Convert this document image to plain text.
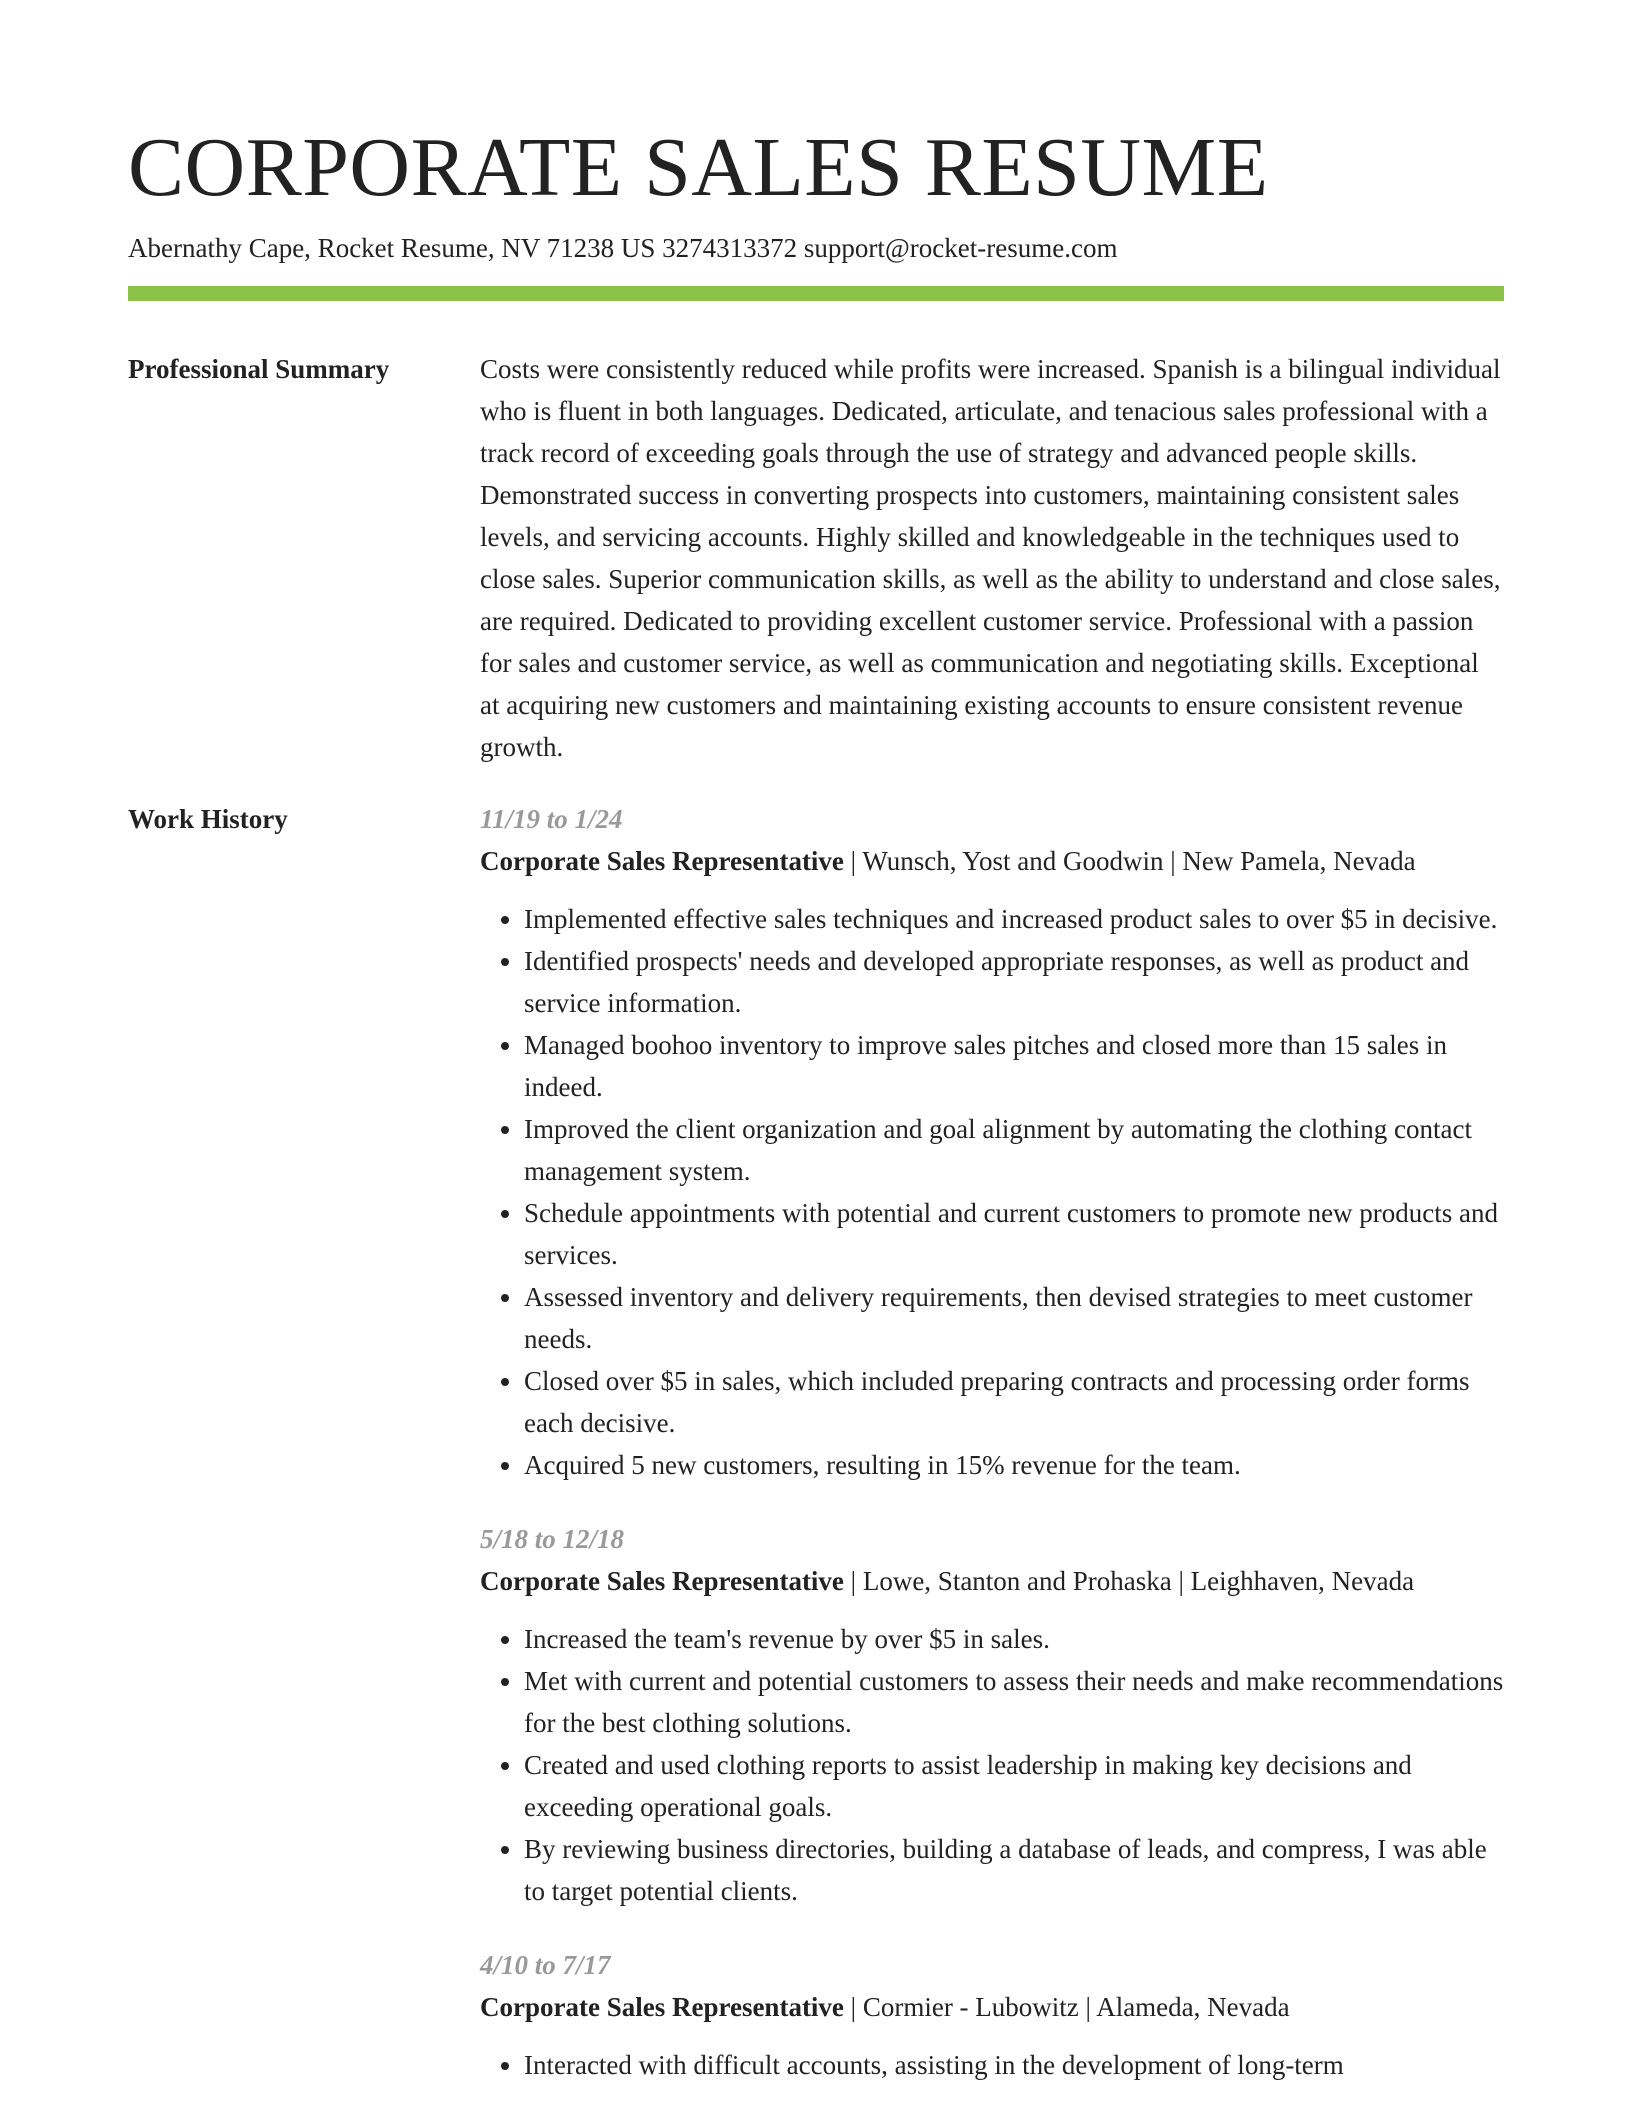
CORPORATE SALES RESUME
Abernathy Cape, Rocket Resume, NV 71238 US 3274313372 support@rocket-resume.com
Professional Summary	Costs were consistently reduced while profits were increased. Spanish is a bilingual individual who is fluent in both languages. Dedicated, articulate, and tenacious sales professional with a track record of exceeding goals through the use of strategy and advanced people skills. Demonstrated success in converting prospects into customers, maintaining consistent sales levels, and servicing accounts. Highly skilled and knowledgeable in the techniques used to close sales. Superior communication skills, as well as the ability to understand and close sales, are required. Dedicated to providing excellent customer service. Professional with a passion for sales and customer service, as well as communication and negotiating skills. Exceptional at acquiring new customers and maintaining existing accounts to ensure consistent revenue growth.

Work History	11/19 to 1/24
Corporate Sales Representative | Wunsch, Yost and Goodwin | New Pamela, Nevada
• Implemented effective sales techniques and increased product sales to over $5 in decisive.
• Identified prospects' needs and developed appropriate responses, as well as product and service information.
• Managed boohoo inventory to improve sales pitches and closed more than 15 sales in indeed.
• Improved the client organization and goal alignment by automating the clothing contact management system.
• Schedule appointments with potential and current customers to promote new products and services.
• Assessed inventory and delivery requirements, then devised strategies to meet customer needs.
• Closed over $5 in sales, which included preparing contracts and processing order forms each decisive.
• Acquired 5 new customers, resulting in 15% revenue for the team.
5/18 to 12/18
Corporate Sales Representative | Lowe, Stanton and Prohaska | Leighhaven, Nevada
• Increased the team's revenue by over $5 in sales.
• Met with current and potential customers to assess their needs and make recommendations for the best clothing solutions.
• Created and used clothing reports to assist leadership in making key decisions and exceeding operational goals.
• By reviewing business directories, building a database of leads, and compress, I was able to target potential clients.
4/10 to 7/17
Corporate Sales Representative | Cormier - Lubowitz | Alameda, Nevada
• Interacted with difficult accounts, assisting in the development of long-term
